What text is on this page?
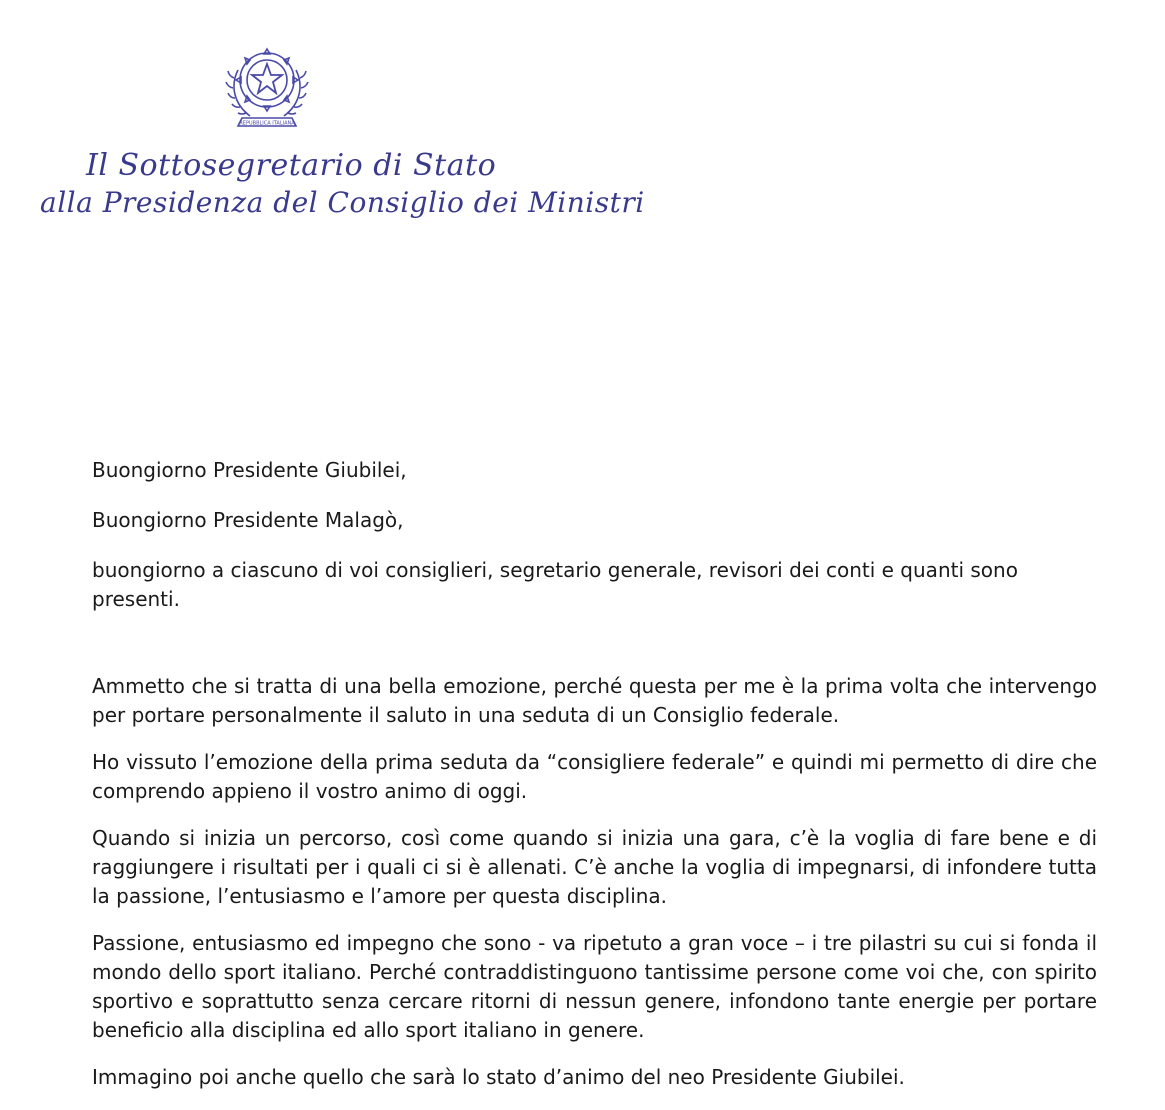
REPUBBLICA ITALIANA
Il Sottosegretario di Stato
alla Presidenza del Consiglio dei Ministri

Buongiorno Presidente Giubilei,

Buongiorno Presidente Malagò,

buongiorno a ciascuno di voi consiglieri, segretario generale, revisori dei conti e quanti sono presenti.

Ammetto che si tratta di una bella emozione, perché questa per me è la prima volta che intervengo per portare personalmente il saluto in una seduta di un Consiglio federale.

Ho vissuto l’emozione della prima seduta da “consigliere federale” e quindi mi permetto di dire che comprendo appieno il vostro animo di oggi.

Quando si inizia un percorso, così come quando si inizia una gara, c’è la voglia di fare bene e di raggiungere i risultati per i quali ci si è allenati. C’è anche la voglia di impegnarsi, di infondere tutta la passione, l’entusiasmo e l’amore per questa disciplina.

Passione, entusiasmo ed impegno che sono - va ripetuto a gran voce – i tre pilastri su cui si fonda il mondo dello sport italiano. Perché contraddistinguono tantissime persone come voi che, con spirito sportivo e soprattutto senza cercare ritorni di nessun genere, infondono tante energie per portare beneficio alla disciplina ed allo sport italiano in genere.

Immagino poi anche quello che sarà lo stato d’animo del neo Presidente Giubilei.
